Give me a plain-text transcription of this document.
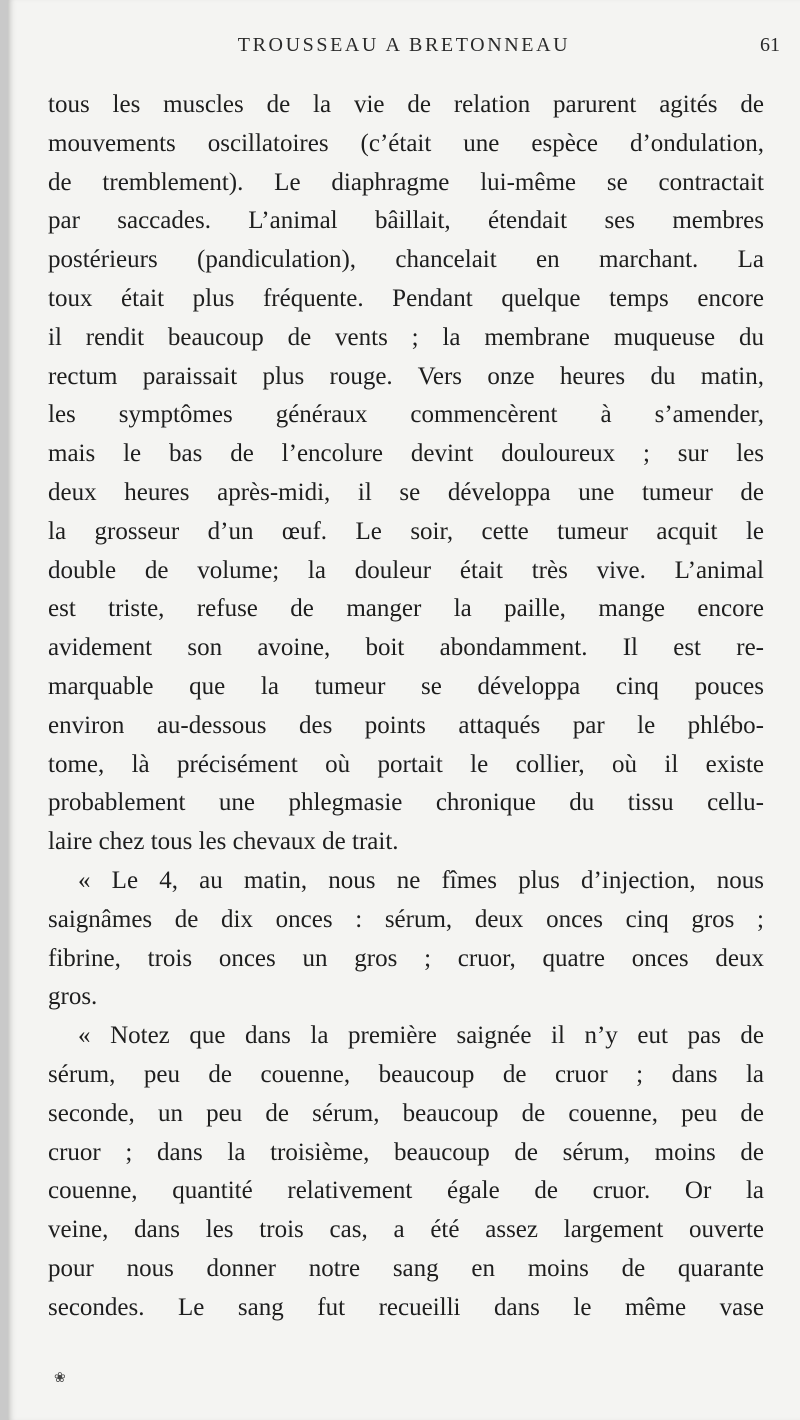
TROUSSEAU A BRETONNEAU	61
tous les muscles de la vie de relation parurent agités de
mouvements oscillatoires (c’était une espèce d’ondulation,
de tremblement). Le diaphragme lui-même se contractait
par saccades. L’animal bâillait, étendait ses membres
postérieurs (pandiculation), chancelait en marchant. La
toux était plus fréquente. Pendant quelque temps encore
il rendit beaucoup de vents ; la membrane muqueuse du
rectum paraissait plus rouge. Vers onze heures du matin,
les symptômes généraux commencèrent à s’amender,
mais le bas de l’encolure devint douloureux ; sur les
deux heures après-midi, il se développa une tumeur de
la grosseur d’un œuf. Le soir, cette tumeur acquit le
double de volume; la douleur était très vive. L’animal
est triste, refuse de manger la paille, mange encore
avidement son avoine, boit abondamment. Il est re-
marquable que la tumeur se développa cinq pouces
environ au-dessous des points attaqués par le phlébo-
tome, là précisément où portait le collier, où il existe
probablement une phlegmasie chronique du tissu cellu-
laire chez tous les chevaux de trait.
« Le 4, au matin, nous ne fîmes plus d’injection, nous
saignâmes de dix onces : sérum, deux onces cinq gros ;
fibrine, trois onces un gros ; cruor, quatre onces deux
gros.
« Notez que dans la première saignée il n’y eut pas de
sérum, peu de couenne, beaucoup de cruor ; dans la
seconde, un peu de sérum, beaucoup de couenne, peu de
cruor ; dans la troisième, beaucoup de sérum, moins de
couenne, quantité relativement égale de cruor. Or la
veine, dans les trois cas, a été assez largement ouverte
pour nous donner notre sang en moins de quarante
secondes. Le sang fut recueilli dans le même vase
❀
